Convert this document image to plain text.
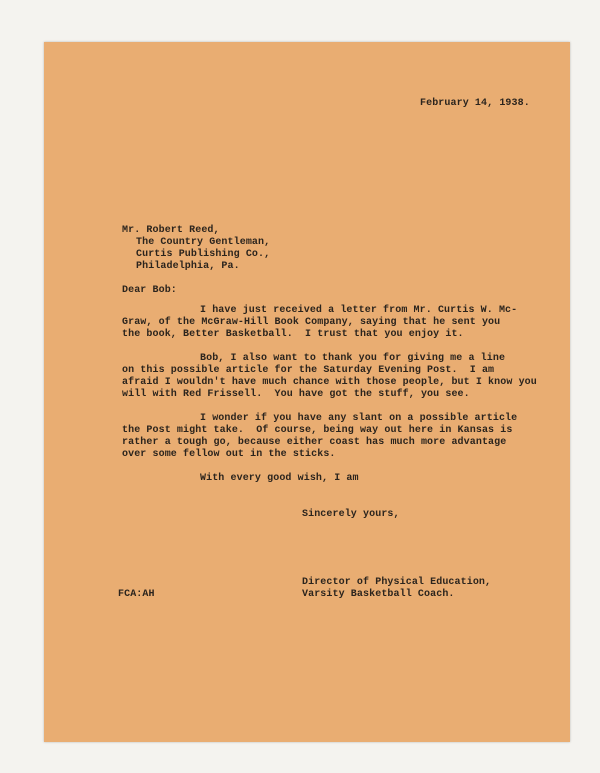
February 14, 1938.

Mr. Robert Reed,

The Country Gentleman,

Curtis Publishing Co.,

Philadelphia, Pa.

Dear Bob:

I have just received a letter from Mr. Curtis W. Mc-

Graw, of the McGraw-Hill Book Company, saying that he sent you

the book, Better Basketball.  I trust that you enjoy it.

Bob, I also want to thank you for giving me a line

on this possible article for the Saturday Evening Post.  I am

afraid I wouldn't have much chance with those people, but I know you

will with Red Frissell.  You have got the stuff, you see.

I wonder if you have any slant on a possible article

the Post might take.  Of course, being way out here in Kansas is

rather a tough go, because either coast has much more advantage

over some fellow out in the sticks.

With every good wish, I am

Sincerely yours,

Director of Physical Education,

Varsity Basketball Coach.

FCA:AH
